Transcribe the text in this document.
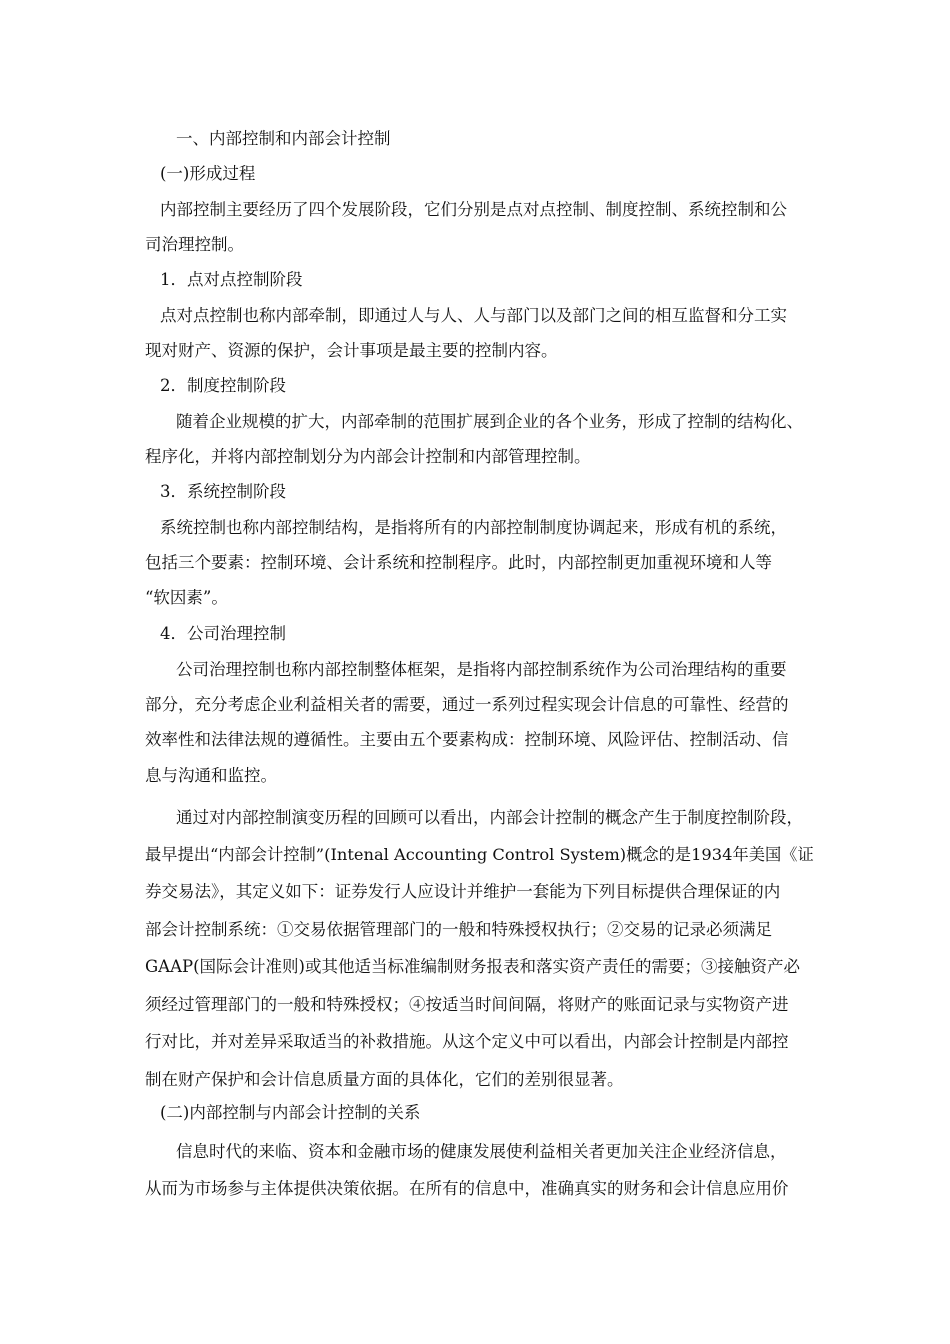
一、内部控制和内部会计控制

(一)形成过程

内部控制主要经历了四个发展阶段，它们分别是点对点控制、制度控制、系统控制和公

司治理控制。

1．点对点控制阶段

点对点控制也称内部牵制，即通过人与人、人与部门以及部门之间的相互监督和分工实

现对财产、资源的保护，会计事项是最主要的控制内容。

2．制度控制阶段

随着企业规模的扩大，内部牵制的范围扩展到企业的各个业务，形成了控制的结构化、

程序化，并将内部控制划分为内部会计控制和内部管理控制。

3．系统控制阶段

系统控制也称内部控制结构，是指将所有的内部控制制度协调起来，形成有机的系统，

包括三个要素：控制环境、会计系统和控制程序。此时，内部控制更加重视环境和人等

“软因素”。

4．公司治理控制

公司治理控制也称内部控制整体框架，是指将内部控制系统作为公司治理结构的重要

部分，充分考虑企业利益相关者的需要，通过一系列过程实现会计信息的可靠性、经营的

效率性和法律法规的遵循性。主要由五个要素构成：控制环境、风险评估、控制活动、信

息与沟通和监控。

通过对内部控制演变历程的回顾可以看出，内部会计控制的概念产生于制度控制阶段，

最早提出“内部会计控制”(Intenal Accounting Control System)概念的是1934年美国《证

券交易法》，其定义如下：证券发行人应设计并维护一套能为下列目标提供合理保证的内

部会计控制系统：①交易依据管理部门的一般和特殊授权执行；②交易的记录必须满足

GAAP(国际会计准则)或其他适当标准编制财务报表和落实资产责任的需要；③接触资产必

须经过管理部门的一般和特殊授权；④按适当时间间隔，将财产的账面记录与实物资产进

行对比，并对差异采取适当的补救措施。从这个定义中可以看出，内部会计控制是内部控

制在财产保护和会计信息质量方面的具体化，它们的差别很显著。

(二)内部控制与内部会计控制的关系

信息时代的来临、资本和金融市场的健康发展使利益相关者更加关注企业经济信息，

从而为市场参与主体提供决策依据。在所有的信息中，准确真实的财务和会计信息应用价
